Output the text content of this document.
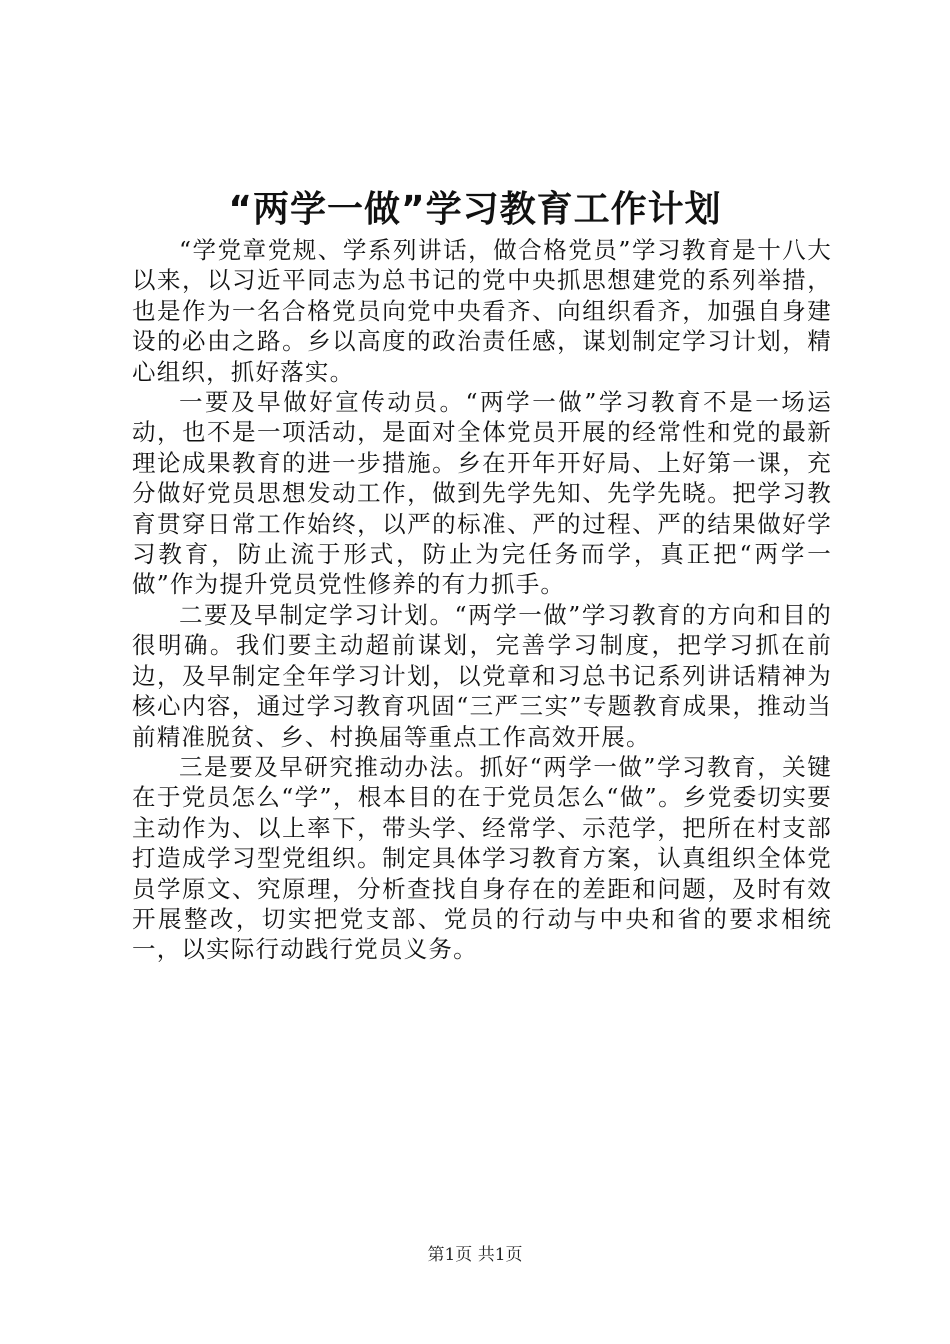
“两学一做”学习教育工作计划

“学党章党规、学系列讲话，做合格党员”学习教育是十八大以来，以习近平同志为总书记的党中央抓思想建党的系列举措，也是作为一名合格党员向党中央看齐、向组织看齐，加强自身建设的必由之路。乡以高度的政治责任感，谋划制定学习计划，精心组织，抓好落实。

一要及早做好宣传动员。“两学一做”学习教育不是一场运动，也不是一项活动，是面对全体党员开展的经常性和党的最新理论成果教育的进一步措施。乡在开年开好局、上好第一课，充分做好党员思想发动工作，做到先学先知、先学先晓。把学习教育贯穿日常工作始终，以严的标准、严的过程、严的结果做好学习教育，防止流于形式，防止为完任务而学，真正把“两学一做”作为提升党员党性修养的有力抓手。

二要及早制定学习计划。“两学一做”学习教育的方向和目的很明确。我们要主动超前谋划，完善学习制度，把学习抓在前边，及早制定全年学习计划，以党章和习总书记系列讲话精神为核心内容，通过学习教育巩固“三严三实”专题教育成果，推动当前精准脱贫、乡、村换届等重点工作高效开展。

三是要及早研究推动办法。抓好“两学一做”学习教育，关键在于党员怎么“学”，根本目的在于党员怎么“做”。乡党委切实要主动作为、以上率下，带头学、经常学、示范学，把所在村支部打造成学习型党组织。制定具体学习教育方案，认真组织全体党员学原文、究原理，分析查找自身存在的差距和问题，及时有效开展整改，切实把党支部、党员的行动与中央和省的要求相统一，以实际行动践行党员义务。

第1页 共1页
